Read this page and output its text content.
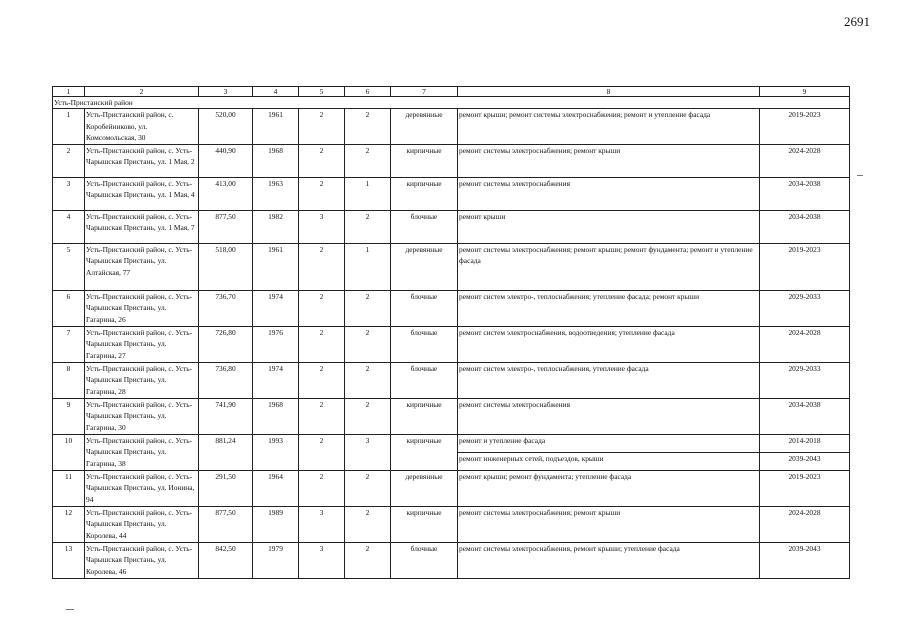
2691
1	2	3	4	5	6	7	8	9
Усть-Пристанский район								
1	Усть-Пристанский район, с. Коробейниково, ул. Комсомольская, 30	520,00	1961	2	2	деревянные	ремонт крыши; ремонт системы электроснабжения; ремонт и утепление фасада	2019-2023
2	Усть-Пристанский район, с. Усть-Чарышская Пристань, ул. 1 Мая, 2	440,90	1968	2	2	кирпичные	ремонт системы электроснабжения; ремонт крыши	2024-2028
3	Усть-Пристанский район, с. Усть-Чарышская Пристань, ул. 1 Мая, 4	413,00	1963	2	1	кирпичные	ремонт системы электроснабжения	2034-2038
4	Усть-Пристанский район, с. Усть-Чарышская Пристань, ул. 1 Мая, 7	877,50	1982	3	2	блочные	ремонт крыши	2034-2038
5	Усть-Пристанский район, с. Усть-Чарышская Пристань, ул. Алтайская, 77	518,00	1961	2	1	деревянные	ремонт системы электроснабжения; ремонт крыши; ремонт фундамента; ремонт и утепление фасада	2019-2023
6	Усть-Пристанский район, с. Усть-Чарышская Пристань, ул. Гагарина, 26	736,70	1974	2	2	блочные	ремонт систем электро-, теплоснабжения; утепление фасада; ремонт крыши	2029-2033
7	Усть-Пристанский район, с. Усть-Чарышская Пристань, ул. Гагарина, 27	726,80	1976	2	2	блочные	ремонт систем электроснабжения, водоотведения; утепление фасада	2024-2028
8	Усть-Пристанский район, с. Усть-Чарышская Пристань, ул. Гагарина, 28	736,80	1974	2	2	блочные	ремонт систем электро-, теплоснабжения, утепление фасада	2029-2033
9	Усть-Пристанский район, с. Усть-Чарышская Пристань, ул. Гагарина, 30	741,90	1968	2	2	кирпичные	ремонт системы электроснабжения	2034-2038
10	Усть-Пристанский район, с. Усть-Чарышская Пристань, ул. Гагарина, 38	881,24	1993	2	3	кирпичные	ремонт и утепление фасада	2014-2018
							ремонт инженерных сетей, подъездов, крыши	2039-2043
11	Усть-Пристанский район, с. Усть-Чарышская Пристань, ул. Ионина, 94	291,50	1964	2	2	деревянные	ремонт крыши; ремонт фундамента; утепление фасада	2019-2023
12	Усть-Пристанский район, с. Усть-Чарышская Пристань, ул. Королева, 44	877,50	1989	3	2	кирпичные	ремонт системы электроснабжения; ремонт крыши	2024-2028
13	Усть-Пристанский район, с. Усть-Чарышская Пристань, ул. Королева, 46	842,50	1979	3	2	блочные	ремонт системы электроснабжения, ремонт крыши; утепление фасада	2039-2043
